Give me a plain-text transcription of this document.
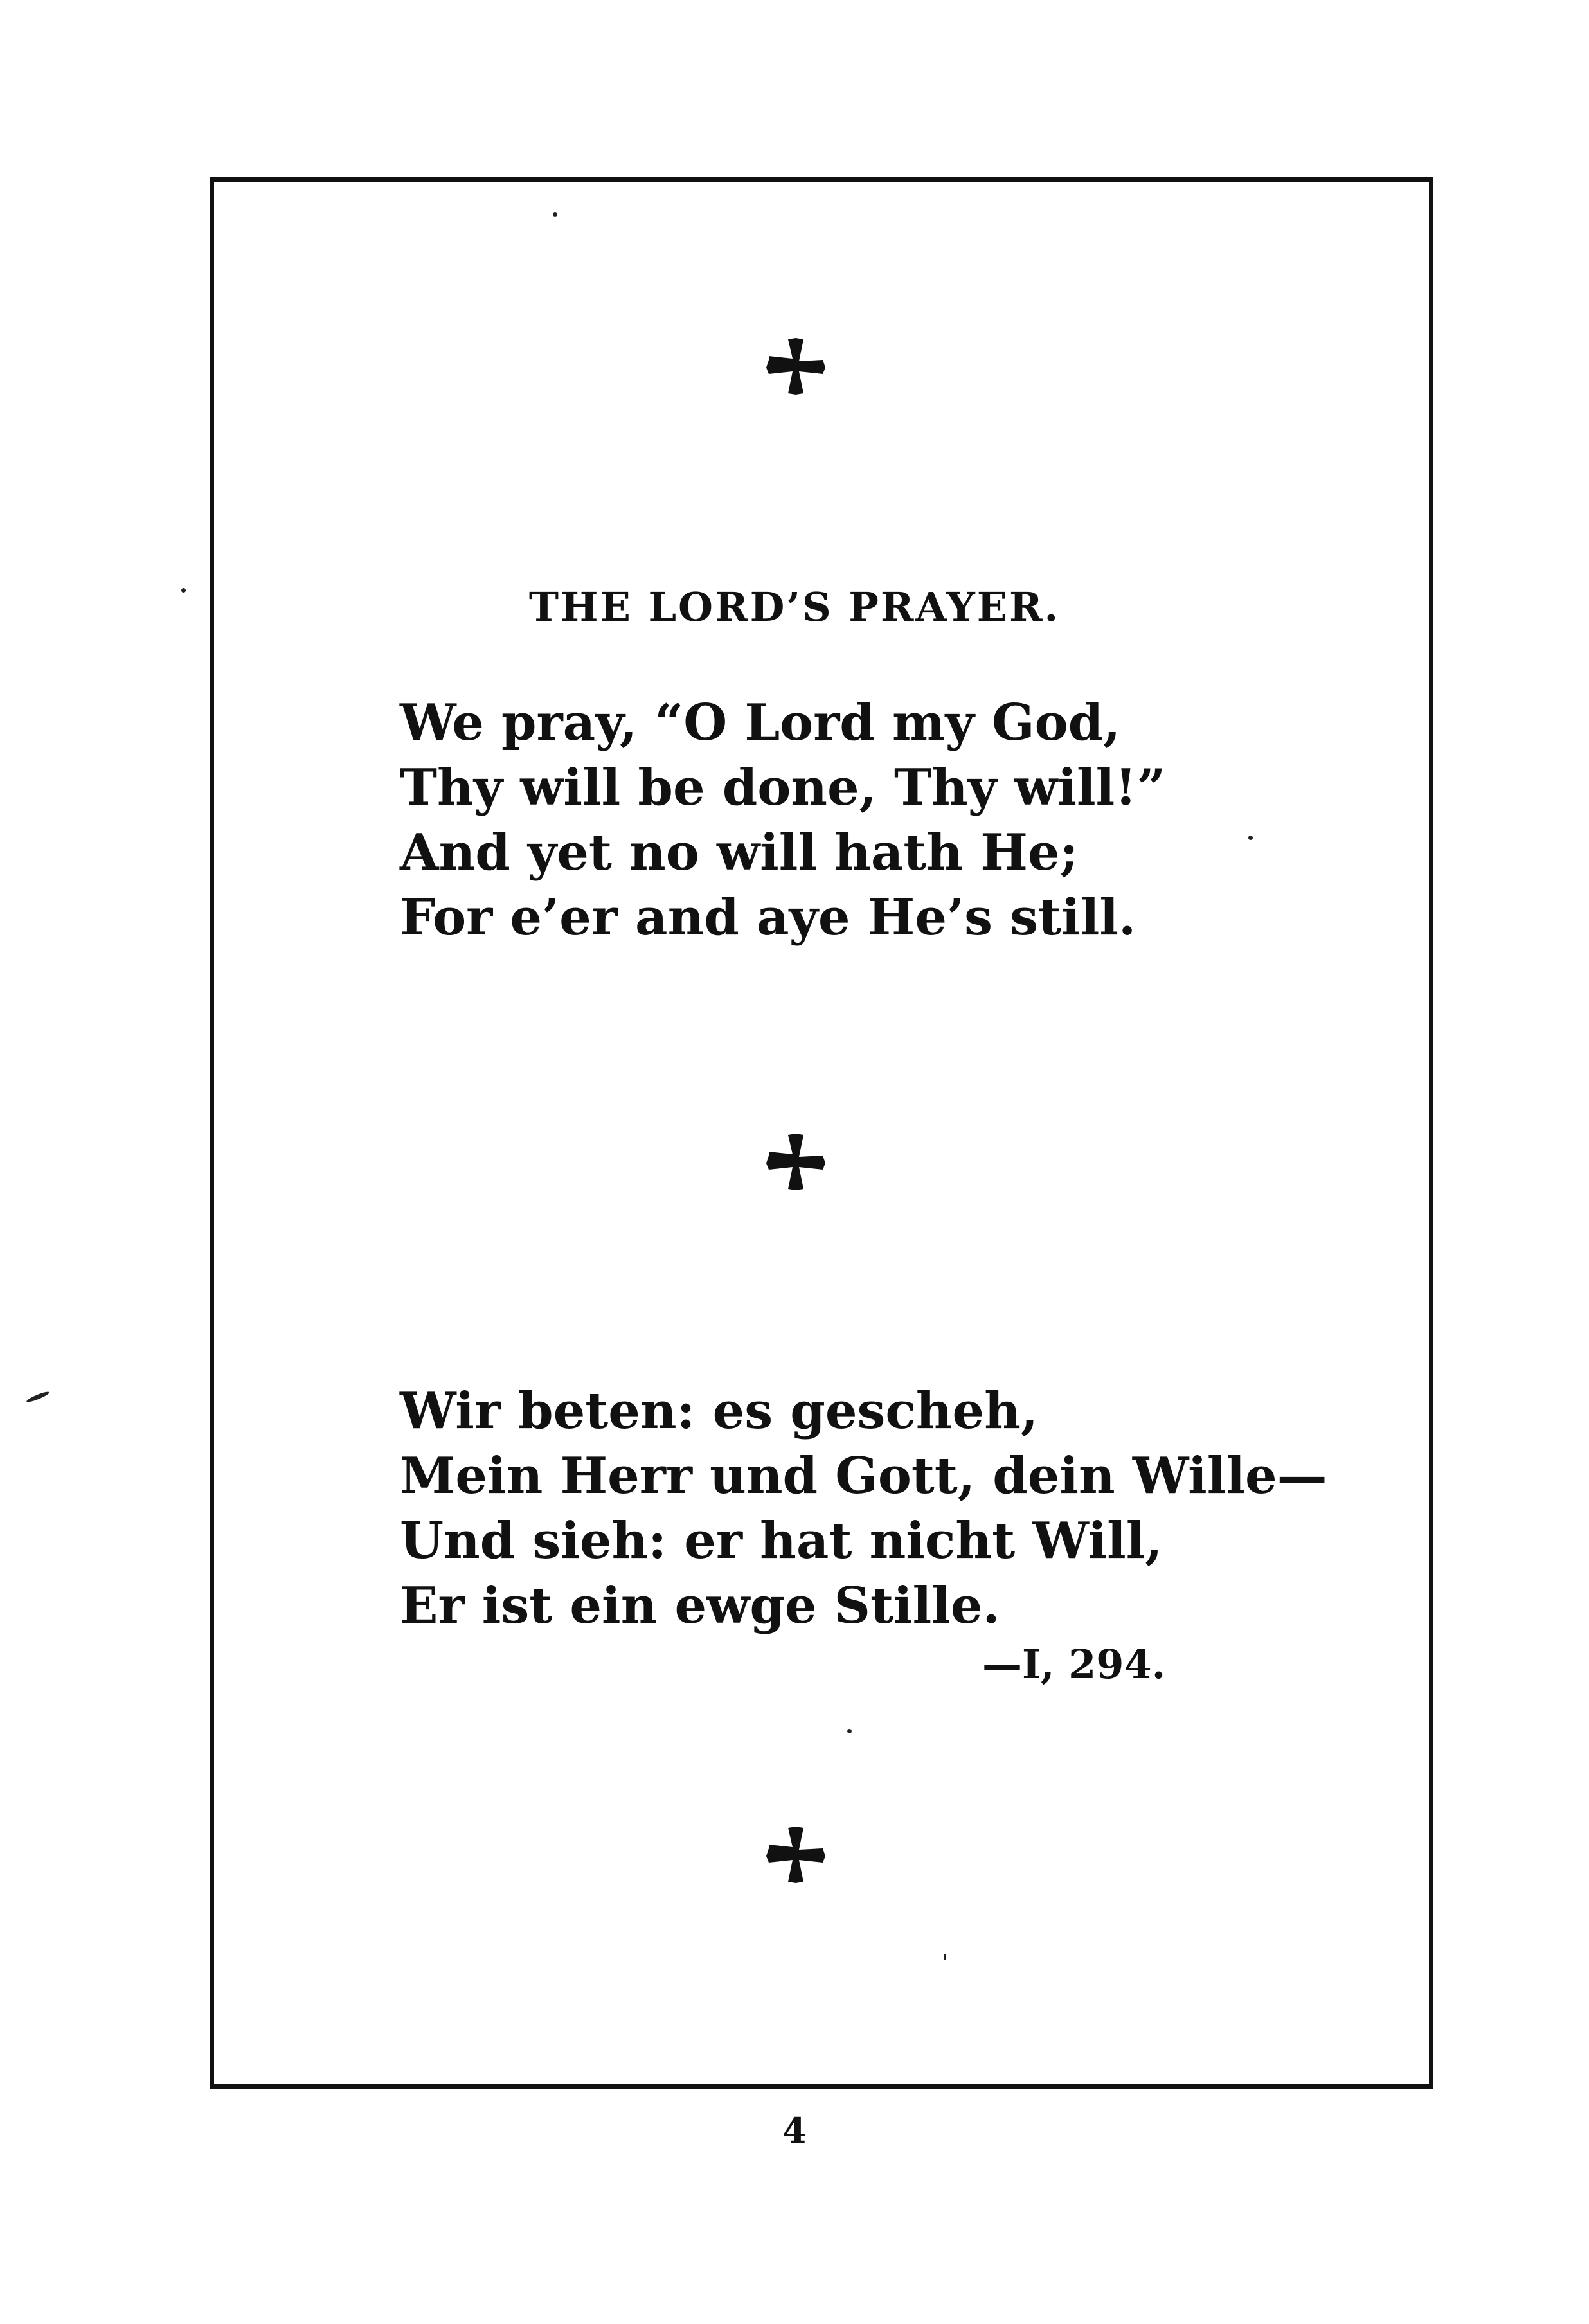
THE LORD’S PRAYER.
We pray, “O Lord my God,
Thy will be done, Thy will!”
And yet no will hath He;
For e’er and aye He’s still.
Wir beten: es gescheh,
Mein Herr und Gott, dein Wille—
Und sieh: er hat nicht Will,
Er ist ein ewge Stille.
—I, 294.
4
